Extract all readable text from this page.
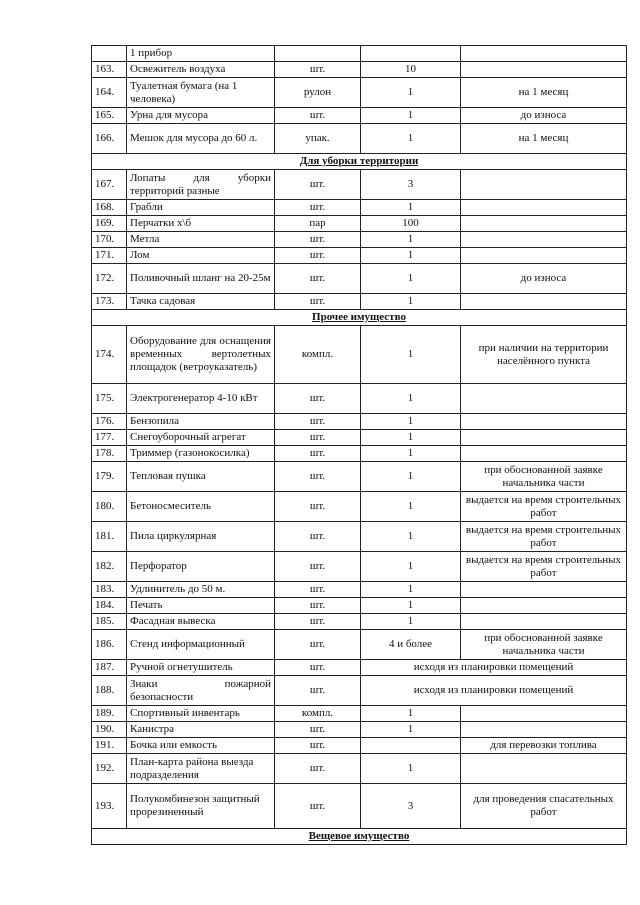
	1 прибор			
163.	Освежитель воздуха	шт.	10	
164.	Туалетная бумага (на 1 человека)	рулон	1	на 1 месяц
165.	Урна для мусора	шт.	1	до износа
166.	Мешок для мусора до 60 л.	упак.	1	на 1 месяц
Для уборки территории				
167.	Лопаты для уборки территорий разные	шт.	3	
168.	Грабли	шт.	1	
169.	Перчатки х\б	пар	100	
170.	Метла	шт.	1	
171.	Лом	шт.	1	
172.	Поливочный шланг на 20-25м	шт.	1	до износа
173.	Тачка садовая	шт.	1	
Прочее имущество				
174.	Оборудование для оснащения временных вертолетных площадок (ветроуказатель)	компл.	1	при наличии на территории населённого пункта
175.	Электрогенератор 4-10 кВт	шт.	1	
176.	Бензопила	шт.	1	
177.	Снегоуборочный агрегат	шт.	1	
178.	Триммер (газонокосилка)	шт.	1	
179.	Тепловая пушка	шт.	1	при обоснованной заявке начальника части
180.	Бетоносмеситель	шт.	1	выдается на время строительных работ
181.	Пила циркулярная	шт.	1	выдается на время строительных работ
182.	Перфоратор	шт.	1	выдается на время строительных работ
183.	Удлинитель до 50 м.	шт.	1	
184.	Печать	шт.	1	
185.	Фасадная вывеска	шт.	1	
186.	Стенд информационный	шт.	4 и более	при обоснованной заявке начальника части
187.	Ручной огнетушитель	шт.	исходя из планировки помещений	
188.	Знаки пожарной безопасности	шт.	исходя из планировки помещений	
189.	Спортивный инвентарь	компл.	1	
190.	Канистра	шт.	1	
191.	Бочка или емкость	шт.		для перевозки топлива
192.	План-карта района выезда подразделения	шт.	1	
193.	Полукомбинезон защитный прорезиненный	шт.	3	для проведения спасательных работ
Вещевое имущество				
